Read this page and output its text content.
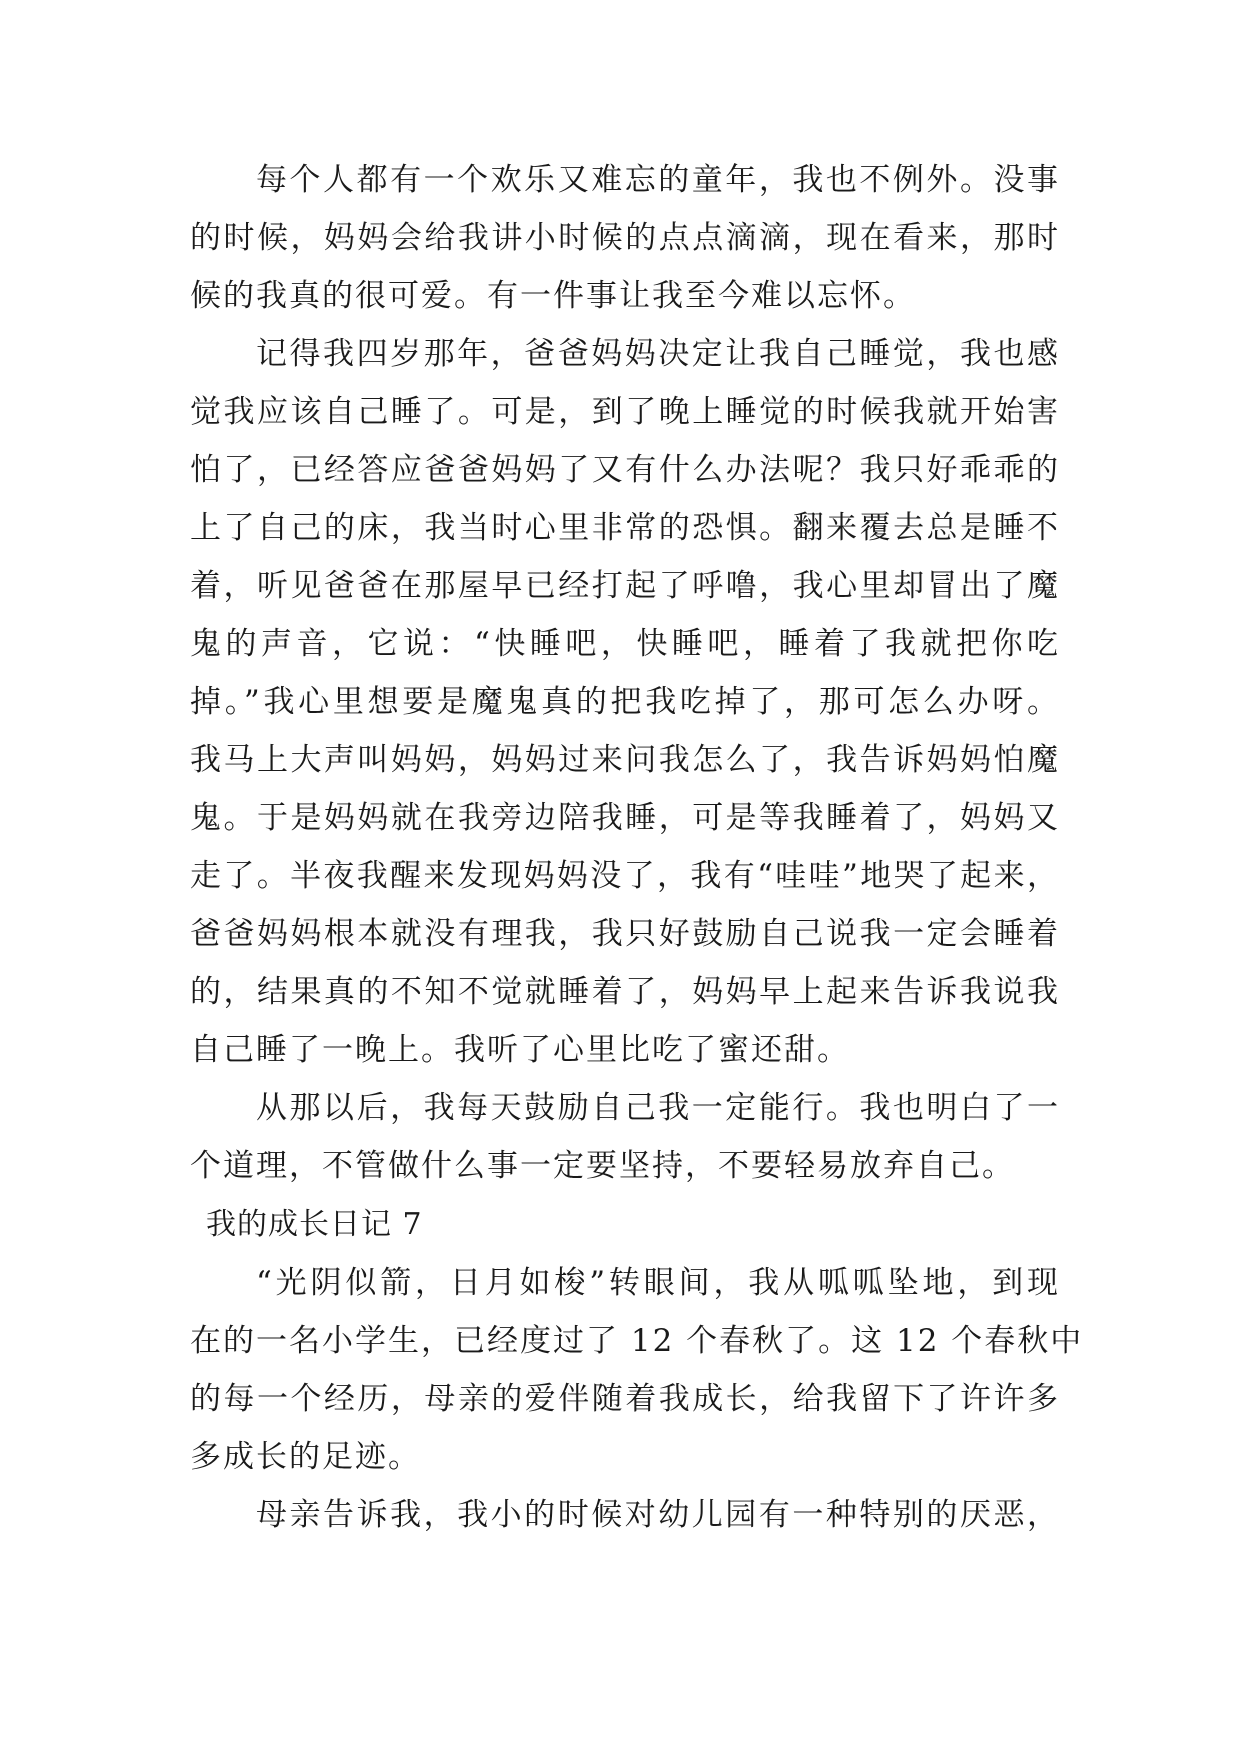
每个人都有一个欢乐又难忘的童年，我也不例外。没事
的时候，妈妈会给我讲小时候的点点滴滴，现在看来，那时
候的我真的很可爱。有一件事让我至今难以忘怀。
记得我四岁那年，爸爸妈妈决定让我自己睡觉，我也感
觉我应该自己睡了。可是，到了晚上睡觉的时候我就开始害
怕了，已经答应爸爸妈妈了又有什么办法呢？我只好乖乖的
上了自己的床，我当时心里非常的恐惧。翻来覆去总是睡不
着，听见爸爸在那屋早已经打起了呼噜，我心里却冒出了魔
鬼的声音，它说：“快睡吧，快睡吧，睡着了我就把你吃
掉。”我心里想要是魔鬼真的把我吃掉了，那可怎么办呀。
我马上大声叫妈妈，妈妈过来问我怎么了，我告诉妈妈怕魔
鬼。于是妈妈就在我旁边陪我睡，可是等我睡着了，妈妈又
走了。半夜我醒来发现妈妈没了，我有“哇哇”地哭了起来，
爸爸妈妈根本就没有理我，我只好鼓励自己说我一定会睡着
的，结果真的不知不觉就睡着了，妈妈早上起来告诉我说我
自己睡了一晚上。我听了心里比吃了蜜还甜。
从那以后，我每天鼓励自己我一定能行。我也明白了一
个道理，不管做什么事一定要坚持，不要轻易放弃自己。
我的成长日记 7
“光阴似箭，日月如梭”转眼间，我从呱呱坠地，到现
在的一名小学生，已经度过了 12 个春秋了。这 12 个春秋中
的每一个经历，母亲的爱伴随着我成长，给我留下了许许多
多成长的足迹。
母亲告诉我，我小的时候对幼儿园有一种特别的厌恶，
